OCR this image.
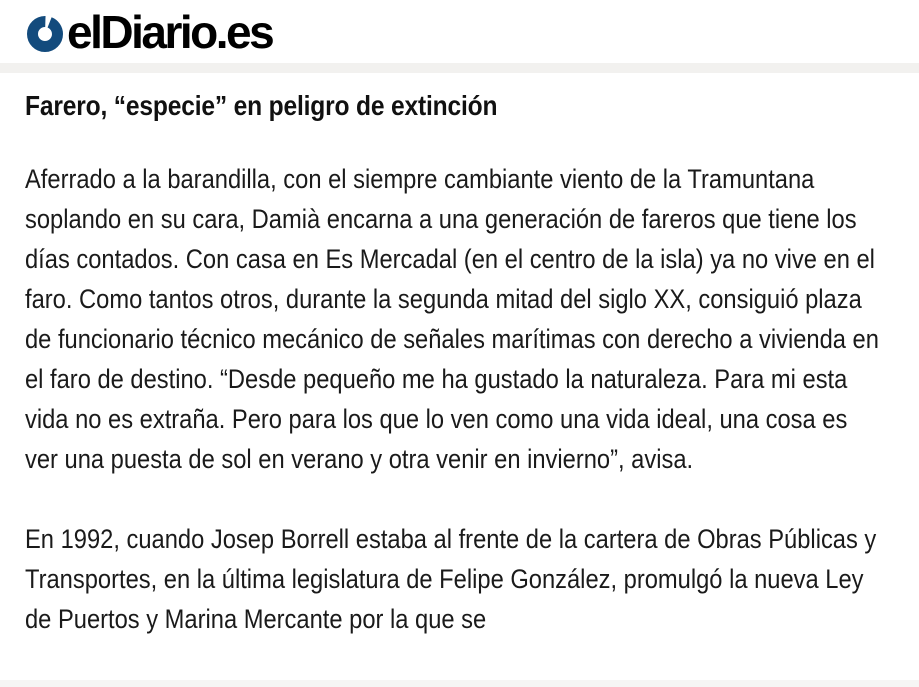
elDiario.es
Farero, “especie” en peligro de extinción

Aferrado a la barandilla, con el siempre cambiante viento de la Tramuntana soplando en su cara, Damià encarna a una generación de fareros que tiene los días contados. Con casa en Es Mercadal (en el centro de la isla) ya no vive en el faro. Como tantos otros, durante la segunda mitad del siglo XX, consiguió plaza de funcionario técnico mecánico de señales marítimas con derecho a vivienda en el faro de destino. “Desde pequeño me ha gustado la naturaleza. Para mi esta vida no es extraña. Pero para los que lo ven como una vida ideal, una cosa es ver una puesta de sol en verano y otra venir en invierno”, avisa.

En 1992, cuando Josep Borrell estaba al frente de la cartera de Obras Públicas y Transportes, en la última legislatura de Felipe González, promulgó la nueva Ley de Puertos y Marina Mercante por la que se
